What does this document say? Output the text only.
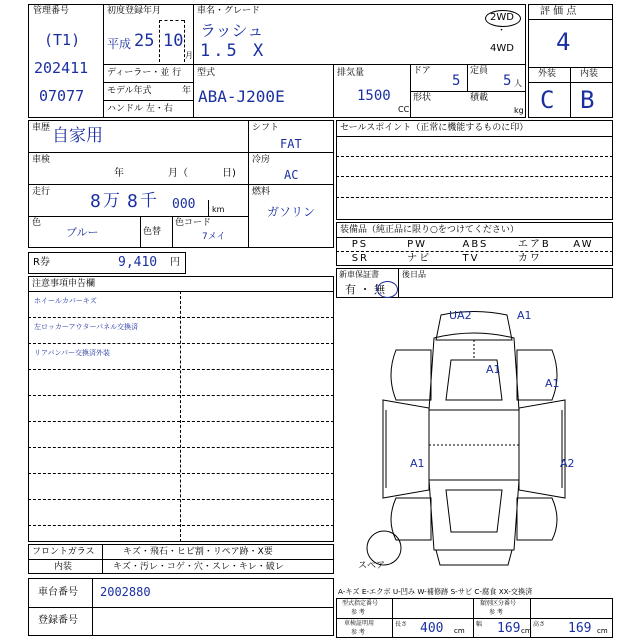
管理番号
(T1)
202411
07077
初度登録年月
平成 25 10
月
車名・グレード
ラッシュ
1.5 X
2WD
・
4WD
評 価 点
4
外装	内装
C B
ディーラー・並 行
モデル年式	年
ハンドル 左・右
型式
ABA-J200E
排気量
1500
CC
ドア
5
定員
5 人
形状	積載
kg
車歴 自家用
車検
年	月（	日)
走行 8 万 8 千 000 km
色
ブルー	色替
色コード
7メイ
シフト
FAT
冷房
AC
燃料
ガソリン
セールスポイント（正常に機能するものに印）
装備品（純正品に限り○をつけてください）
PS	PW	ABS	エアB AW
SR	ナビ	TV	カワ
R券	9,410 円
新車保証書
有 ・ 無
後日品
注意事項申告欄
ホイールカバーキズ
左ロッカーアウターパネル交換済
リアバンパー交換済外装
UA2	A1
A1
A1
A1	A2
スペア
フロントガラス	キズ・飛石・ヒビ割・リペア跡・X要
内装	キズ・汚レ・コゲ・穴・スレ・キレ・破レ
車台番号 2002880
登録番号
A-キズ E-エクボ U-凹み W-補修跡 S-サビ C-腐食 XX-交換済
型式指定番号
参 考
類別区分番号
参 考
車検証明用
参 考
長さ 400 cm
幅 169 cm
高さ 169 cm
